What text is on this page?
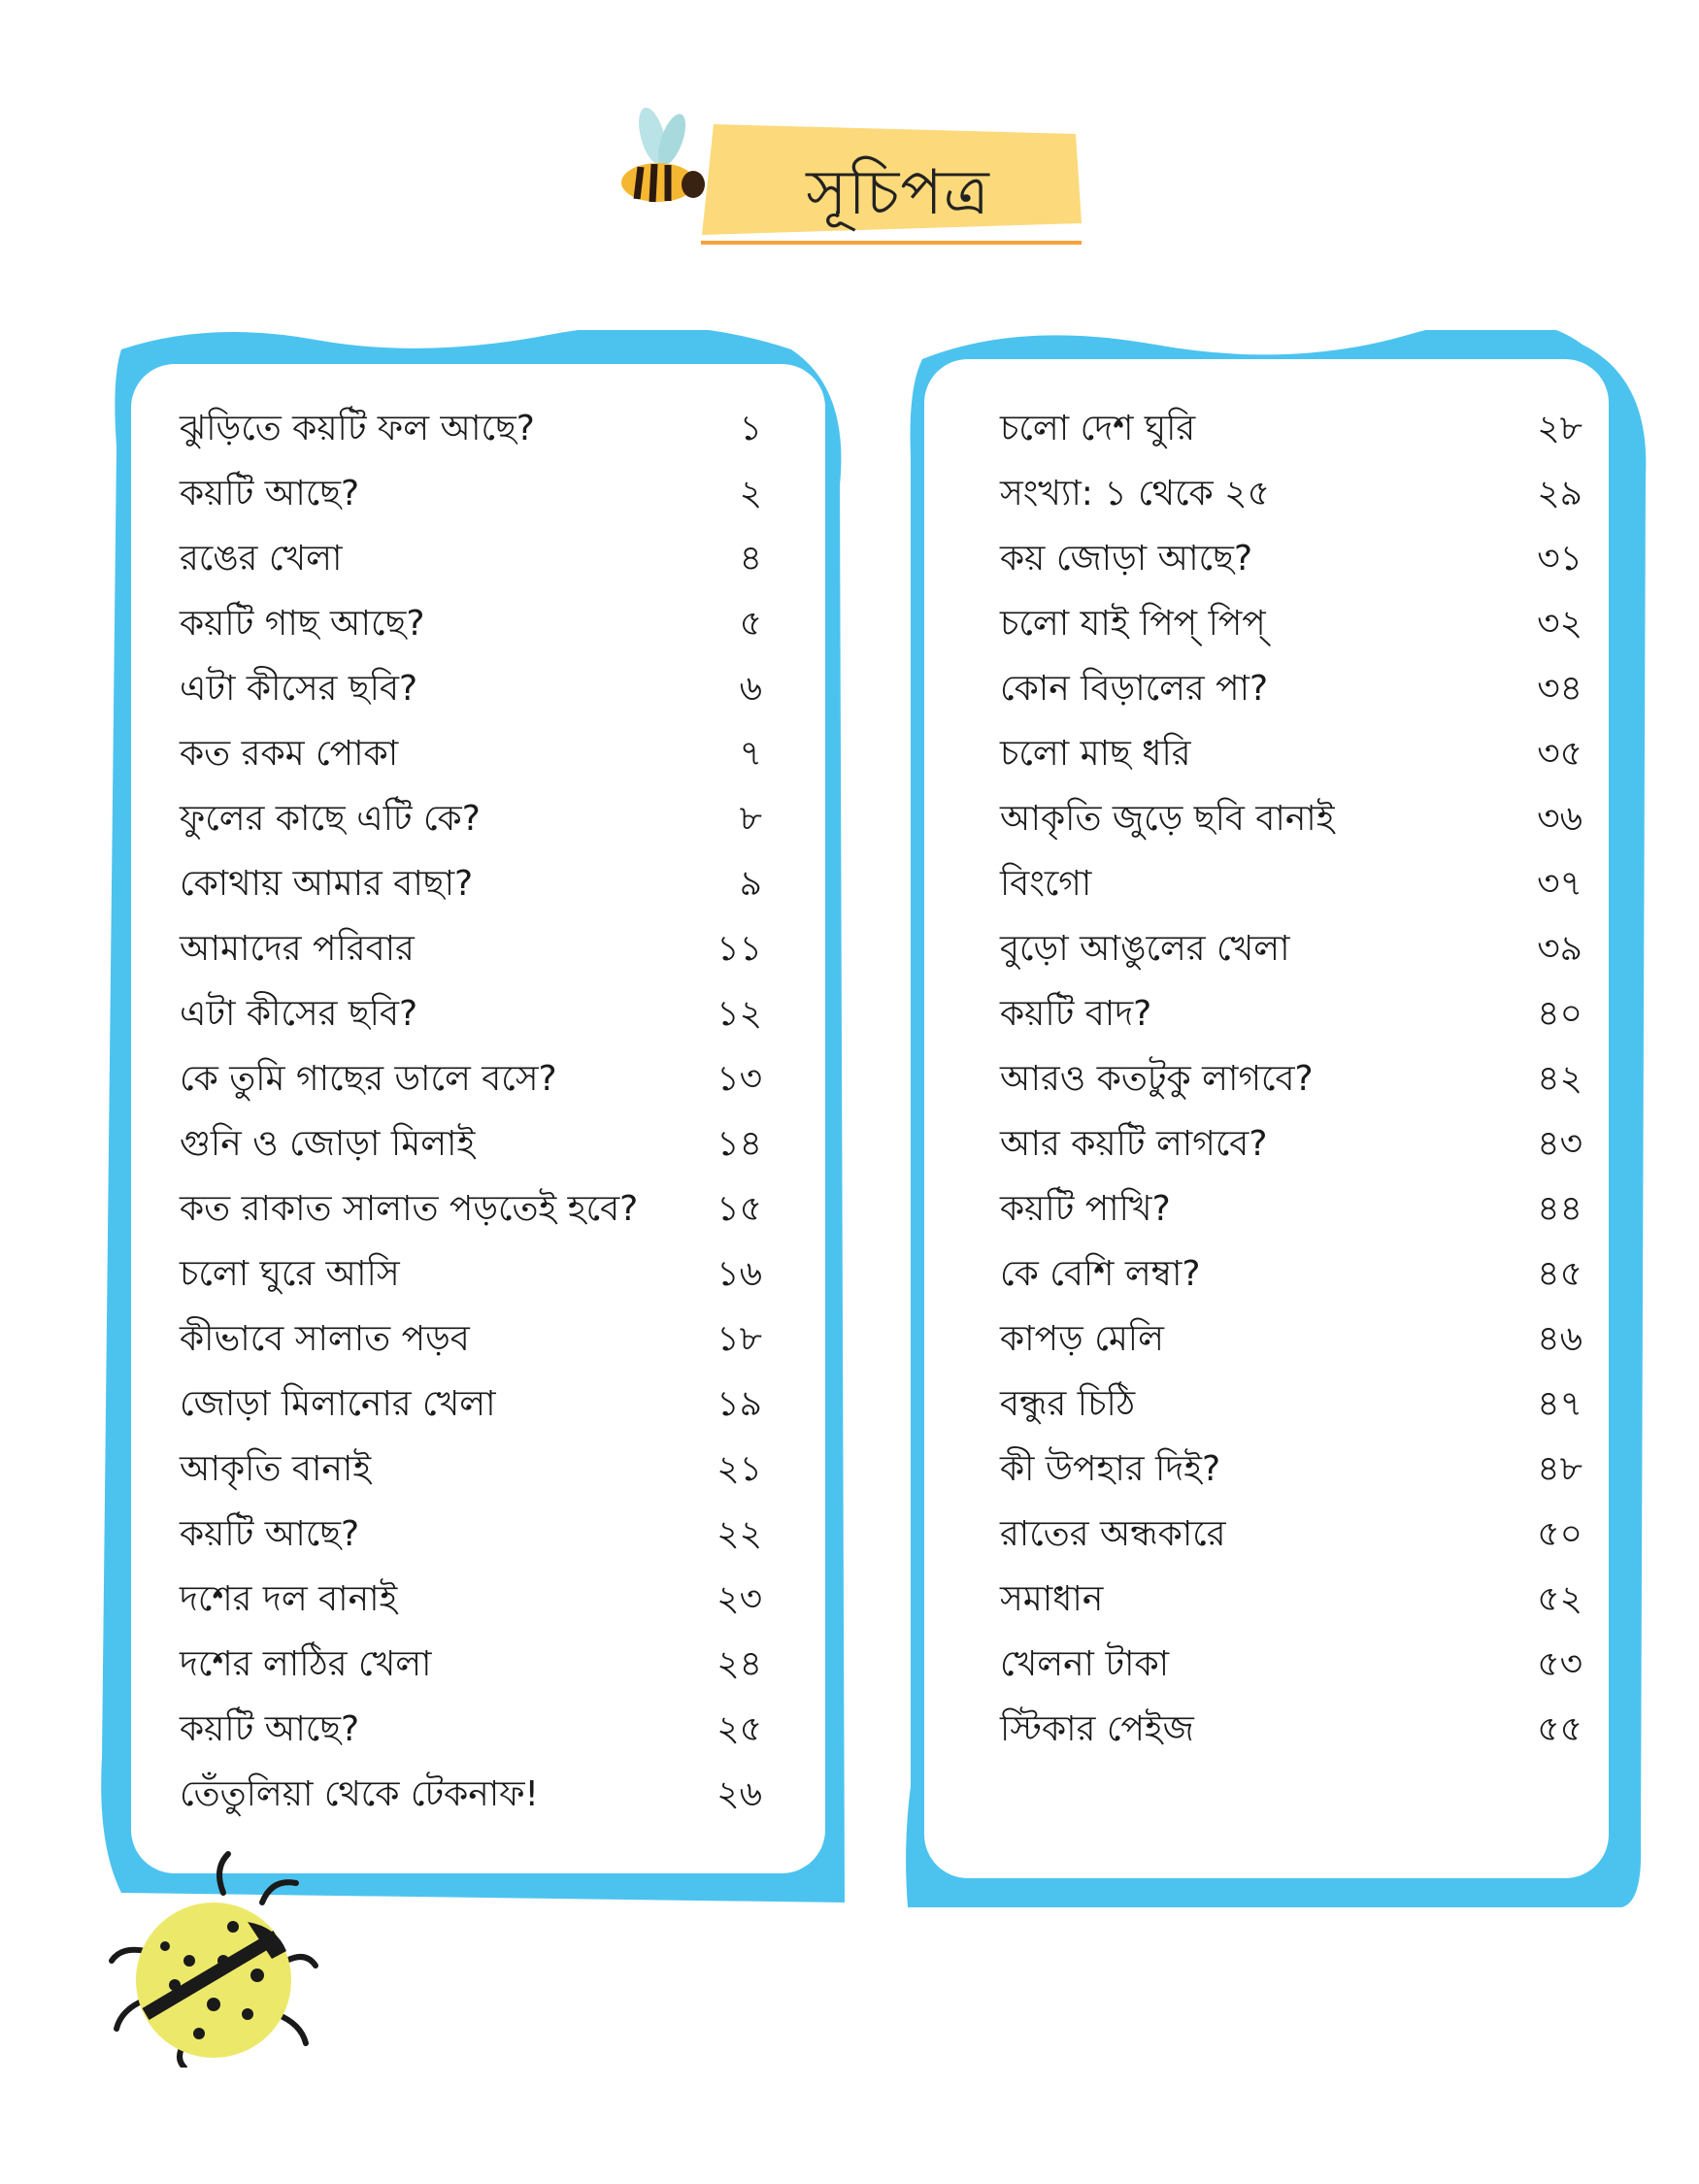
সূচিপত্র
ঝুড়িতে কয়টি ফল আছে?	১
কয়টি আছে?	২
রঙের খেলা	৪
কয়টি গাছ আছে?	৫
এটা কীসের ছবি?	৬
কত রকম পোকা	৭
ফুলের কাছে এটি কে?	৮
কোথায় আমার বাছা?	৯
আমাদের পরিবার	১১
এটা কীসের ছবি?	১২
কে তুমি গাছের ডালে বসে?	১৩
গুনি ও জোড়া মিলাই	১৪
কত রাকাত সালাত পড়তেই হবে?	১৫
চলো ঘুরে আসি	১৬
কীভাবে সালাত পড়ব	১৮
জোড়া মিলানোর খেলা	১৯
আকৃতি বানাই	২১
কয়টি আছে?	২২
দশের দল বানাই	২৩
দশের লাঠির খেলা	২৪
কয়টি আছে?	২৫
তেঁতুলিয়া থেকে টেকনাফ!	২৬
চলো দেশ ঘুরি	২৮
সংখ্যা: ১ থেকে ২৫	২৯
কয় জোড়া আছে?	৩১
চলো যাই পিপ্ পিপ্	৩২
কোন বিড়ালের পা?	৩৪
চলো মাছ ধরি	৩৫
আকৃতি জুড়ে ছবি বানাই	৩৬
বিংগো	৩৭
বুড়ো আঙুলের খেলা	৩৯
কয়টি বাদ?	৪০
আরও কতটুকু লাগবে?	৪২
আর কয়টি লাগবে?	৪৩
কয়টি পাখি?	৪৪
কে বেশি লম্বা?	৪৫
কাপড় মেলি	৪৬
বন্ধুর চিঠি	৪৭
কী উপহার দিই?	৪৮
রাতের অন্ধকারে	৫০
সমাধান	৫২
খেলনা টাকা	৫৩
স্টিকার পেইজ	৫৫
